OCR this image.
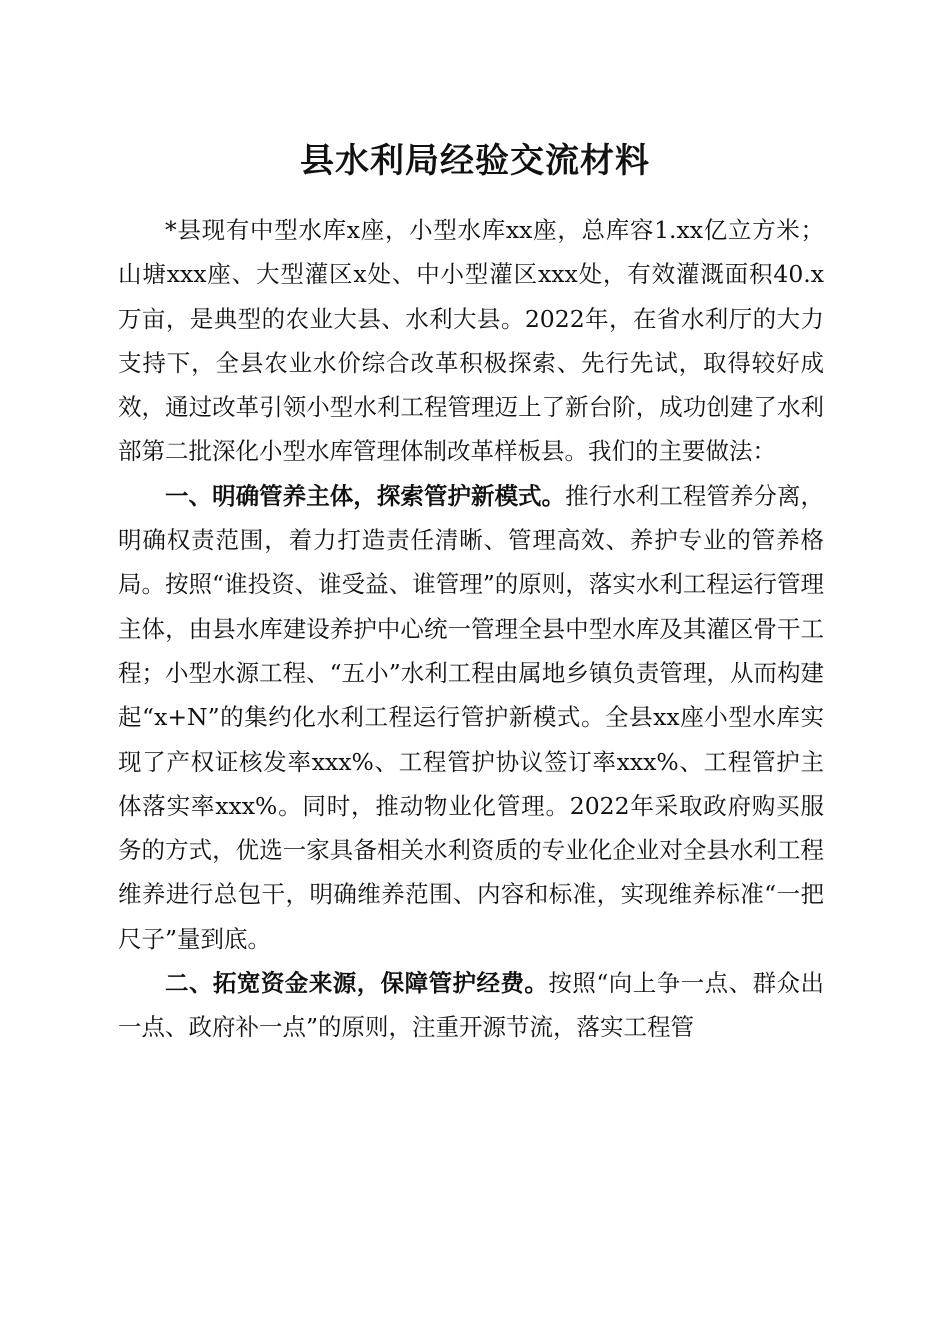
县水利局经验交流材料

*县现有中型水库x座，小型水库xx座，总库容1.xx亿立方米；山塘xxx座、大型灌区x处、中小型灌区xxx处，有效灌溉面积40.x万亩，是典型的农业大县、水利大县。2022年，在省水利厅的大力支持下，全县农业水价综合改革积极探索、先行先试，取得较好成效，通过改革引领小型水利工程管理迈上了新台阶，成功创建了水利部第二批深化小型水库管理体制改革样板县。我们的主要做法：

一、明确管养主体，探索管护新模式。推行水利工程管养分离，明确权责范围，着力打造责任清晰、管理高效、养护专业的管养格局。按照“谁投资、谁受益、谁管理”的原则，落实水利工程运行管理主体，由县水库建设养护中心统一管理全县中型水库及其灌区骨干工程；小型水源工程、“五小”水利工程由属地乡镇负责管理，从而构建起“x+N”的集约化水利工程运行管护新模式。全县xx座小型水库实现了产权证核发率xxx%、工程管护协议签订率xxx%、工程管护主体落实率xxx%。同时，推动物业化管理。2022年采取政府购买服务的方式，优选一家具备相关水利资质的专业化企业对全县水利工程维养进行总包干，明确维养范围、内容和标准，实现维养标准“一把尺子”量到底。

二、拓宽资金来源，保障管护经费。按照“向上争一点、群众出一点、政府补一点”的原则，注重开源节流，落实工程管
